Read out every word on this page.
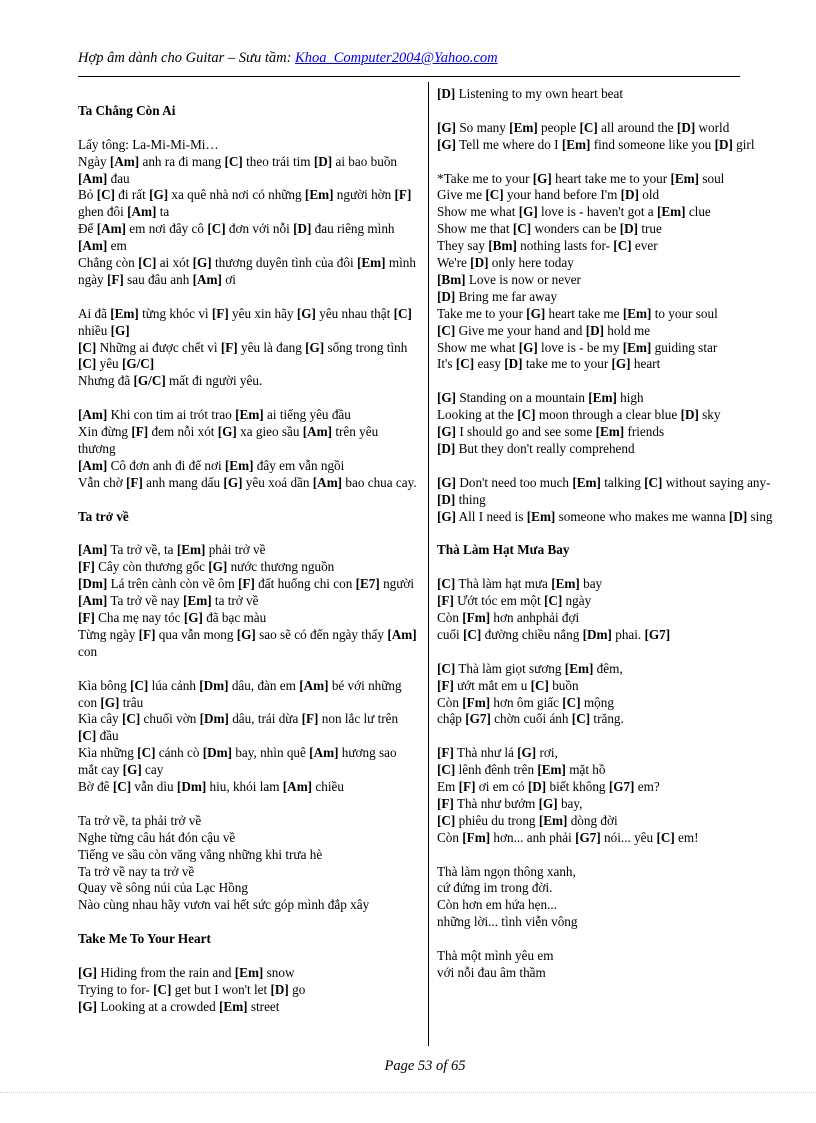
Hợp âm dành cho Guitar – Sưu tầm: Khoa_Computer2004@Yahoo.com
Ta Chẳng Còn Ai
Lấy tông: La-Mi-Mi-Mi…
Ngày [Am] anh ra đi mang [C] theo trái tim [D] ai bao buồn [Am] đau
Bỏ [C] đi rất [G] xa quê nhà nơi có những [Em] người hờn [F] ghen đôi [Am] ta
Để [Am] em nơi đây cô [C] đơn với nỗi [D] đau riêng mình [Am] em
Chẳng còn [C] ai xót [G] thương duyên tình của đôi [Em] mình ngày [F] sau đâu anh [Am] ơi
Ai đã [Em] từng khóc vì [F] yêu xin hãy [G] yêu nhau thật [C] nhiều [G]
[C] Những ai được chết vì [F] yêu là đang [G] sống trong tình [C] yêu [G/C]
Nhưng đã [G/C] mất đi người yêu.
[Am] Khi con tim ai trót trao [Em] ai tiếng yêu đầu
Xin đừng [F] đem nỗi xót [G] xa gieo sầu [Am] trên yêu thương
[Am] Cô đơn anh đi để nơi [Em] đây em vẫn ngồi
Vẫn chờ [F] anh mang dấu [G] yêu xoá dần [Am] bao chua cay.
Ta trở về
[Am] Ta trở về, ta [Em] phải trở về
[F] Cây còn thương gốc [G] nước thương nguồn
[Dm] Lá trên cành còn về ôm [F] đất huống chi con [E7] người
[Am] Ta trở về nay [Em] ta trở về
[F] Cha mẹ nay tóc [G] đã bạc màu
Từng ngày [F] qua vẫn mong [G] sao sẽ có đến ngày thấy [Am] con
Kìa bông [C] lúa cảnh [Dm] dâu, đàn em [Am] bé với những con [G] trâu
Kìa cây [C] chuối vờn [Dm] dâu, trái dừa [F] non lắc lư trên [C] đầu
Kìa những [C] cánh cò [Dm] bay, nhìn quê [Am] hương sao mắt cay [G] cay
Bờ đê [C] vẫn dìu [Dm] hiu, khói lam [Am] chiều
Ta trở về, ta phải trở về
Nghe từng câu hát đón cậu về
Tiếng ve sầu còn văng vẳng những khi trưa hè
Ta trở về nay ta trở về
Quay về sông núi của Lạc Hồng
Nào cùng nhau hãy vươn vai hết sức góp mình đắp xây
Take Me To Your Heart
[G] Hiding from the rain and [Em] snow
Trying to for- [C] get but I won't let [D] go
[G] Looking at a crowded [Em] street
[D] Listening to my own heart beat
[G] So many [Em] people [C] all around the [D] world
[G] Tell me where do I [Em] find someone like you [D] girl
*Take me to your [G] heart take me to your [Em] soul
Give me [C] your hand before I'm [D] old
Show me what [G] love is - haven't got a [Em] clue
Show me that [C] wonders can be [D] true
They say [Bm] nothing lasts for- [C] ever
We're [D] only here today
[Bm] Love is now or never
[D] Bring me far away
Take me to your [G] heart take me [Em] to your soul
[C] Give me your hand and [D] hold me
Show me what [G] love is - be my [Em] guiding star
It's [C] easy [D] take me to your [G] heart
[G] Standing on a mountain [Em] high
Looking at the [C] moon through a clear blue [D] sky
[G] I should go and see some [Em] friends
[D] But they don't really comprehend
[G] Don't need too much [Em] talking [C] without saying any- [D] thing
[G] All I need is [Em] someone who makes me wanna [D] sing
Thà Làm Hạt Mưa Bay
[C] Thà làm hạt mưa [Em] bay
[F] Ướt tóc em một [C] ngày
Còn [Fm] hơn anhphải đợi
cuối [C] đường chiều nắng [Dm] phai. [G7]
[C] Thà làm giọt sương [Em] đêm,
[F] ướt mắt em u [C] buồn
Còn [Fm] hơn ôm giấc [C] mộng
chập [G7] chờn cuối ánh [C] trăng.
[F] Thà như lá [G] rơi,
[C] lênh đênh trên [Em] mặt hồ
Em [F] ơi em có [D] biết không [G7] em?
[F] Thà như bướm [G] bay,
[C] phiêu du trong [Em] dòng đời
Còn [Fm] hơn... anh phải [G7] nói... yêu [C] em!
Thà làm ngọn thông xanh,
cứ đứng im trong đời.
Còn hơn em hứa hẹn...
những lời... tình viễn vông
Thà một mình yêu em
với nỗi đau âm thầm
Page 53 of 65
